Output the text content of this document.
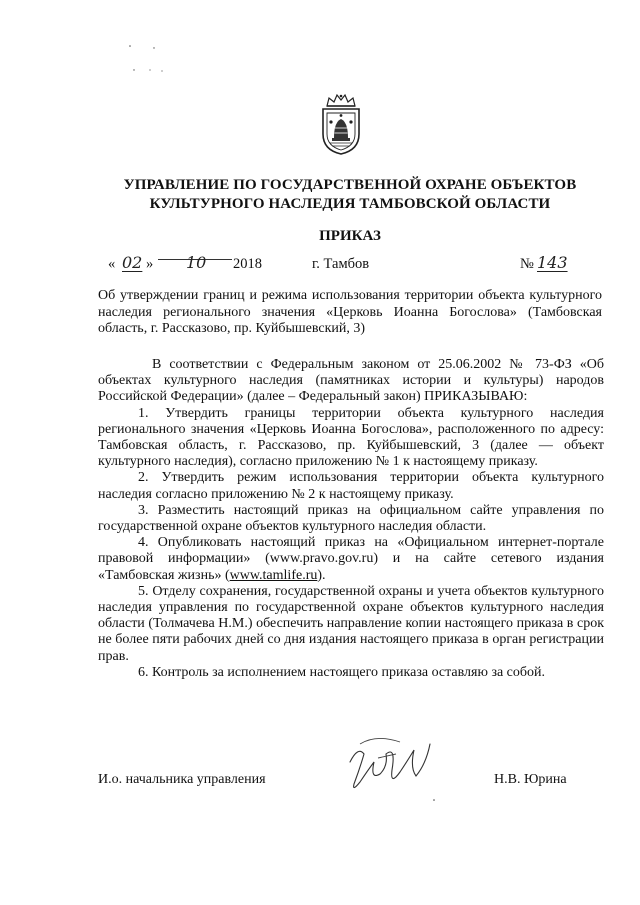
УПРАВЛЕНИЕ ПО ГОСУДАРСТВЕННОЙ ОХРАНЕ ОБЪЕКТОВ
КУЛЬТУРНОГО НАСЛЕДИЯ ТАМБОВСКОЙ ОБЛАСТИ
ПРИКАЗ
« 02 » 10 2018	г. Тамбов	№ 143
Об утверждении границ и режима использования территории объекта культурного наследия регионального значения «Церковь Иоанна Богослова» (Тамбовская область, г. Рассказово, пр. Куйбышевский, 3)

В соответствии с Федеральным законом от 25.06.2002 № 73-ФЗ «Об объектах культурного наследия (памятниках истории и культуры) народов Российской Федерации» (далее – Федеральный закон) ПРИКАЗЫВАЮ:

1. Утвердить границы территории объекта культурного наследия регионального значения «Церковь Иоанна Богослова», расположенного по адресу: Тамбовская область, г. Рассказово, пр. Куйбышевский, 3 (далее — объект культурного наследия), согласно приложению № 1 к настоящему приказу.

2. Утвердить режим использования территории объекта культурного наследия согласно приложению № 2 к настоящему приказу.

3. Разместить настоящий приказ на официальном сайте управления по государственной охране объектов культурного наследия области.

4. Опубликовать настоящий приказ на «Официальном интернет-портале правовой информации» (www.pravo.gov.ru) и на сайте сетевого издания «Тамбовская жизнь» (www.tamlife.ru).

5. Отделу сохранения, государственной охраны и учета объектов культурного наследия управления по государственной охране объектов культурного наследия области (Толмачева Н.М.) обеспечить направление копии настоящего приказа в срок не более пяти рабочих дней со дня издания настоящего приказа в орган регистрации прав.

6. Контроль за исполнением настоящего приказа оставляю за собой.

И.о. начальника управления	Н.В. Юрина
